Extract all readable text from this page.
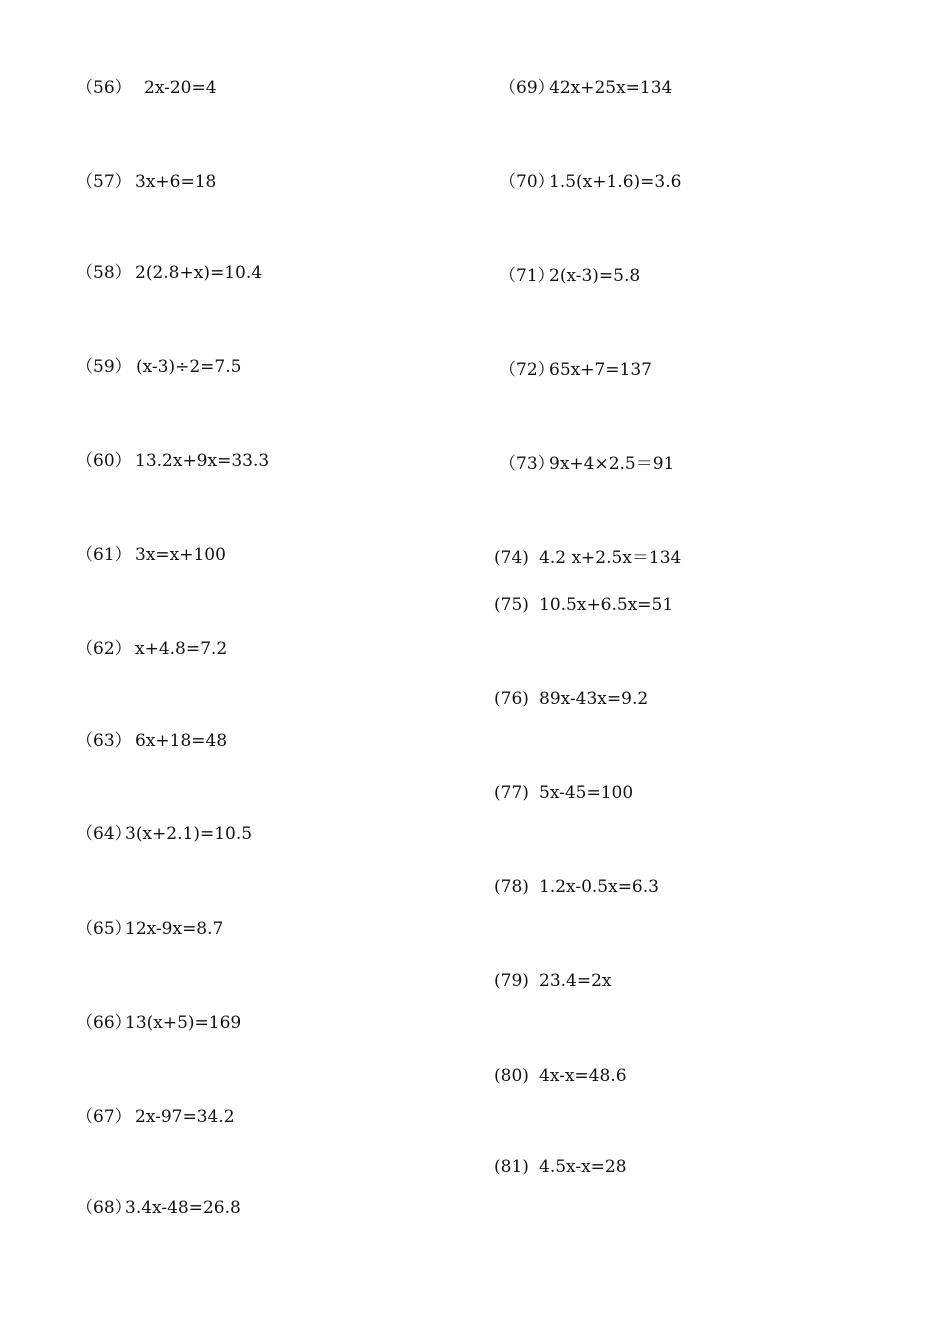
（56） 2x-20=4
（57） 3x+6=18
（58） 2(2.8+x)=10.4
（59） (x-3)÷2=7.5
（60） 13.2x+9x=33.3
（61） 3x=x+100
（62） x+4.8=7.2
（63） 6x+18=48
（64）3(x+2.1)=10.5
（65）12x-9x=8.7
（66）13(x+5)=169
（67） 2x-97=34.2
（68）3.4x-48=26.8
（69）42x+25x=134
（70）1.5(x+1.6)=3.6
（71）2(x-3)=5.8
（72）65x+7=137
（73）9x+4×2.5＝91
(74) 4.2 x+2.5x＝134
(75) 10.5x+6.5x=51
(76) 89x-43x=9.2
(77) 5x-45=100
(78) 1.2x-0.5x=6.3
(79) 23.4=2x
(80) 4x-x=48.6
(81) 4.5x-x=28
